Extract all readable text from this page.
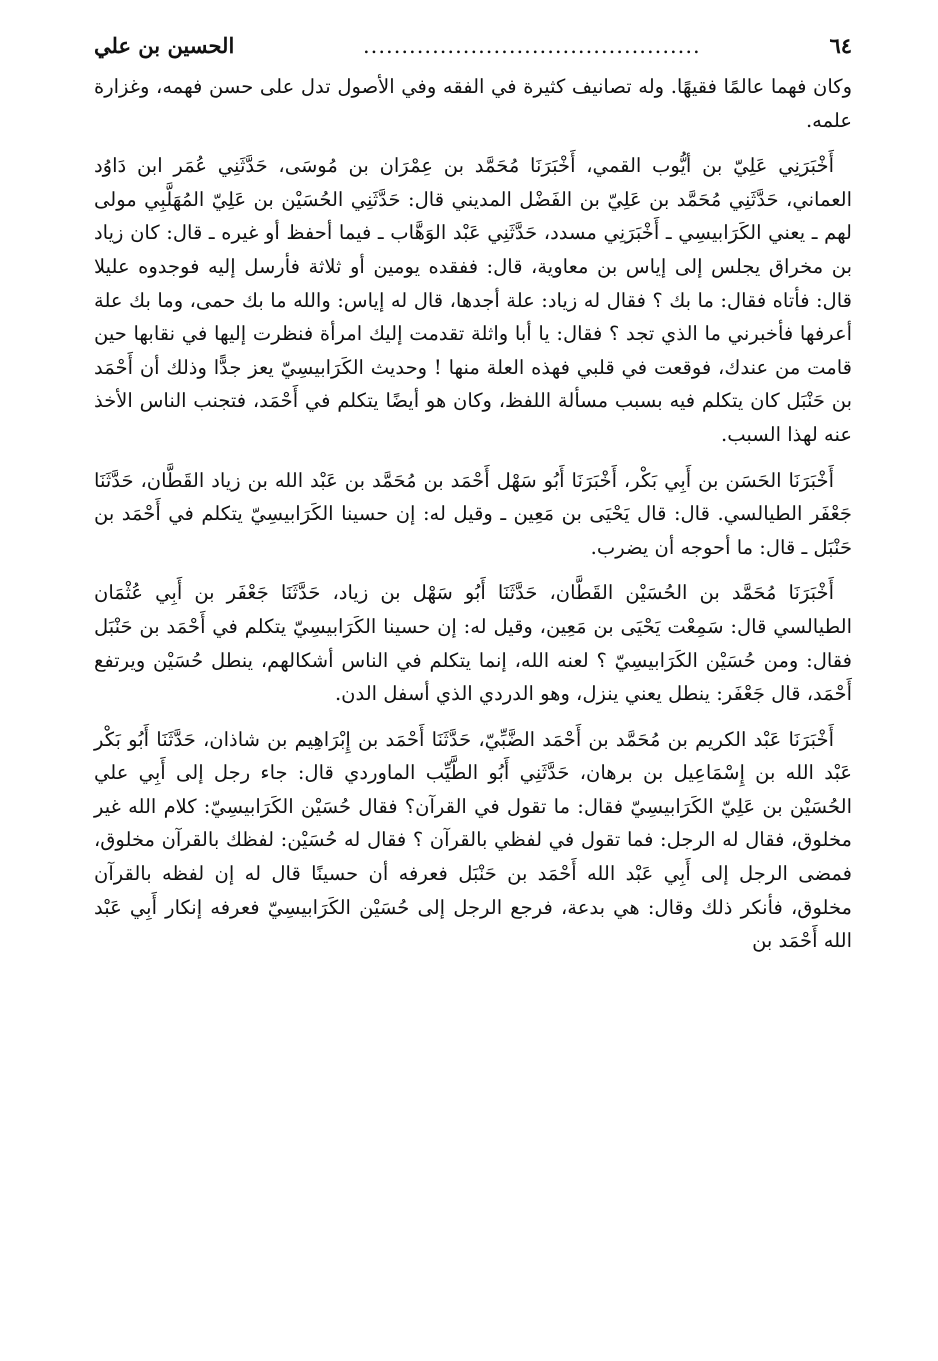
٦٤
............................................
الحسين بن علي

وكان فهما عالمًا فقيهًا. وله تصانيف كثيرة في الفقه وفي الأصول تدل على حسن فهمه، وغزارة علمه.

أَخْبَرَنِي عَلِيّ بن أيُّوب القمي، أَخْبَرَنَا مُحَمَّد بن عِمْرَان بن مُوسَى، حَدَّثَنِي عُمَر ابن دَاوُد العماني، حَدَّثَنِي مُحَمَّد بن عَلِيّ بن الفَضْل المديني قال: حَدَّثَنِي الحُسَيْن بن عَلِيّ المُهَلَّبِي مولى لهم ـ يعني الكَرَابيسِي ـ أَخْبَرَنِي مسدد، حَدَّثَنِي عَبْد الوَهَّاب ـ فيما أحفظ أو غيره ـ قال: كان زياد بن مخراق يجلس إلى إياس بن معاوية، قال: ففقده يومين أو ثلاثة فأرسل إليه فوجدوه عليلا قال: فأتاه فقال: ما بك ؟ فقال له زياد: علة أجدها، قال له إياس: والله ما بك حمى، وما بك علة أعرفها فأخبرني ما الذي تجد ؟ فقال: يا أبا واثلة تقدمت إليك امرأة فنظرت إليها في نقابها حين قامت من عندك، فوقعت في قلبي فهذه العلة منها ! وحديث الكَرَابيسِيّ يعز جدًّا وذلك أن أَحْمَد بن حَنْبَل كان يتكلم فيه بسبب مسألة اللفظ، وكان هو أيضًا يتكلم في أَحْمَد، فتجنب الناس الأخذ عنه لهذا السبب.

أَخْبَرَنَا الحَسَن بن أَبِي بَكْر، أَخْبَرَنَا أَبُو سَهْل أَحْمَد بن مُحَمَّد بن عَبْد الله بن زياد القَطَّان، حَدَّثَنَا جَعْفَر الطيالسي. قال: قال يَحْيَى بن مَعِين ـ وقيل له: إن حسينا الكَرَابيسِيّ يتكلم في أَحْمَد بن حَنْبَل ـ قال: ما أحوجه أن يضرب.

أَخْبَرَنَا مُحَمَّد بن الحُسَيْن القَطَّان، حَدَّثَنَا أَبُو سَهْل بن زياد، حَدَّثَنَا جَعْفَر بن أَبِي عُثْمَان الطيالسي قال: سَمِعْت يَحْيَى بن مَعِين، وقيل له: إن حسينا الكَرَابيسِيّ يتكلم في أَحْمَد بن حَنْبَل فقال: ومن حُسَيْن الكَرَابيسِيّ ؟ لعنه الله، إنما يتكلم في الناس أشكالهم، ينطل حُسَيْن ويرتفع أَحْمَد، قال جَعْفَر: ينطل يعني ينزل، وهو الدردي الذي أسفل الدن.

أَخْبَرَنَا عَبْد الكريم بن مُحَمَّد بن أَحْمَد الضَّبِّيّ، حَدَّثَنَا أَحْمَد بن إِبْرَاهِيم بن شاذان، حَدَّثَنَا أَبُو بَكْر عَبْد الله بن إِسْمَاعِيل بن برهان، حَدَّثَنِي أَبُو الطَّيِّب الماوردي قال: جاء رجل إلى أَبِي علي الحُسَيْن بن عَلِيّ الكَرَابيسِيّ فقال: ما تقول في القرآن؟ فقال حُسَيْن الكَرَابيسِيّ: كلام الله غير مخلوق، فقال له الرجل: فما تقول في لفظي بالقرآن ؟ فقال له حُسَيْن: لفظك بالقرآن مخلوق، فمضى الرجل إلى أَبِي عَبْد الله أَحْمَد بن حَنْبَل فعرفه أن حسينًا قال له إن لفظه بالقرآن مخلوق، فأنكر ذلك وقال: هي بدعة، فرجع الرجل إلى حُسَيْن الكَرَابيسِيّ فعرفه إنكار أَبِي عَبْد الله أَحْمَد بن
